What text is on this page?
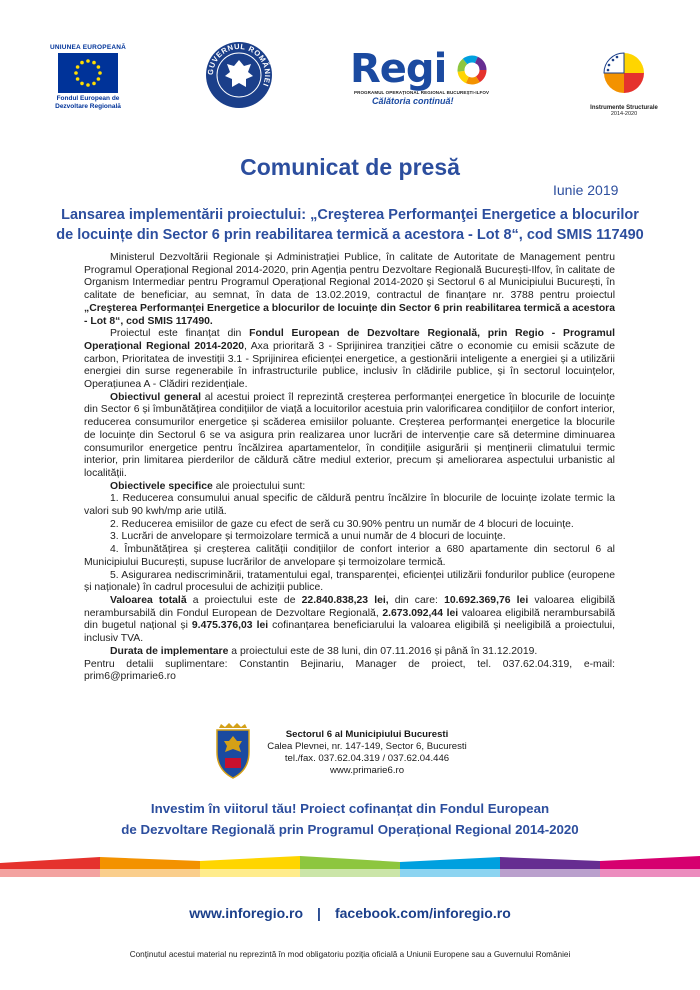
UNIUNEA EUROPEANĂ
Fondul European de
Dezvoltare Regională
GUVERNUL ROMÂNIEI Regi
PROGRAMUL OPERAȚIONAL REGIONAL BUCUREȘTI-ILFOV
Călătoria continuă!
Instrumente Structurale
2014-2020
Comunicat de presă
Iunie 2019
Lansarea implementării proiectului: „Creşterea Performanţei Energetice a blocurilor
de locuințe din Sector 6 prin reabilitarea termică a acestora - Lot 8“, cod SMIS 117490

Ministerul Dezvoltării Regionale și Administrației Publice, în calitate de Autoritate de Management pentru Programul Operațional Regional 2014-2020, prin Agenția pentru Dezvoltare Regională București-Ilfov, în calitate de Organism Intermediar pentru Programul Operațional Regional 2014-2020 și Sectorul 6 al Municipiului București, în calitate de beneficiar, au semnat, în data de 13.02.2019, contractul de finanțare nr. 3788 pentru proiectul „Creşterea Performanţei Energetice a blocurilor de locuințe din Sector 6 prin reabilitarea termică a acestora - Lot 8“, cod SMIS 117490.

Proiectul este finanțat din Fondul European de Dezvoltare Regională, prin Regio - Programul Operațional Regional 2014-2020, Axa prioritară 3 - Sprijinirea tranziției către o economie cu emisii scăzute de carbon, Prioritatea de investiții 3.1 - Sprijinirea eficienței energetice, a gestionării inteligente a energiei și a utilizării energiei din surse regenerabile în infrastructurile publice, inclusiv în clădirile publice, și în sectorul locuințelor, Operațiunea A - Clădiri rezidențiale.

Obiectivul general al acestui proiect îl reprezintă creșterea performanței energetice în blocurile de locuințe din Sector 6 și îmbunătățirea condițiilor de viață a locuitorilor acestuia prin valorificarea condițiilor de confort interior, reducerea consumurilor energetice și scăderea emisiilor poluante. Creșterea performanței energetice la blocurile de locuințe din Sectorul 6 se va asigura prin realizarea unor lucrări de intervenție care să determine diminuarea consumurilor energetice pentru încălzirea apartamentelor, în condițiile asigurării și menținerii climatului termic interior, prin limitarea pierderilor de căldură către mediul exterior, precum și ameliorarea aspectului urbanistic al localității.

Obiectivele specifice ale proiectului sunt:

1. Reducerea consumului anual specific de căldură pentru încălzire în blocurile de locuințe izolate termic la valori sub 90 kwh/mp arie utilă.

2. Reducerea emisiilor de gaze cu efect de seră cu 30.90% pentru un număr de 4 blocuri de locuințe.

3. Lucrări de anvelopare și termoizolare termică a unui număr de 4 blocuri de locuințe.

4. Îmbunătățirea și creșterea calității condițiilor de confort interior a 680 apartamente din sectorul 6 al Municipiului București, supuse lucrărilor de anvelopare și termoizolare termică.

5. Asigurarea nediscriminării, tratamentului egal, transparenței, eficienței utilizării fondurilor publice (europene și naționale) în cadrul procesului de achiziții publice.

Valoarea totală a proiectului este de 22.840.838,23 lei, din care: 10.692.369,76 lei valoarea eligibilă nerambursabilă din Fondul European de Dezvoltare Regională, 2.673.092,44 lei valoarea eligibilă nerambursabilă din bugetul național și 9.475.376,03 lei cofinanțarea beneficiarului la valoarea eligibilă și neeligibilă a proiectului, inclusiv TVA.

Durata de implementare a proiectului este de 38 luni, din 07.11.2016 și până în 31.12.2019.

Pentru detalii suplimentare: Constantin Bejinariu, Manager de proiect, tel. 037.62.04.319, e-mail: prim6@primarie6.ro

Sectorul 6 al Municipiului Bucuresti
Calea Plevnei, nr. 147-149, Sector 6, Bucuresti
tel./fax. 037.62.04.319 / 037.62.04.446
www.primarie6.ro
Investim în viitorul tău! Proiect cofinanțat din Fondul European
de Dezvoltare Regională prin Programul Operațional Regional 2014-2020
www.inforegio.ro | facebook.com/inforegio.ro
Conținutul acestui material nu reprezintă în mod obligatoriu poziția oficială a Uniunii Europene sau a Guvernului României
